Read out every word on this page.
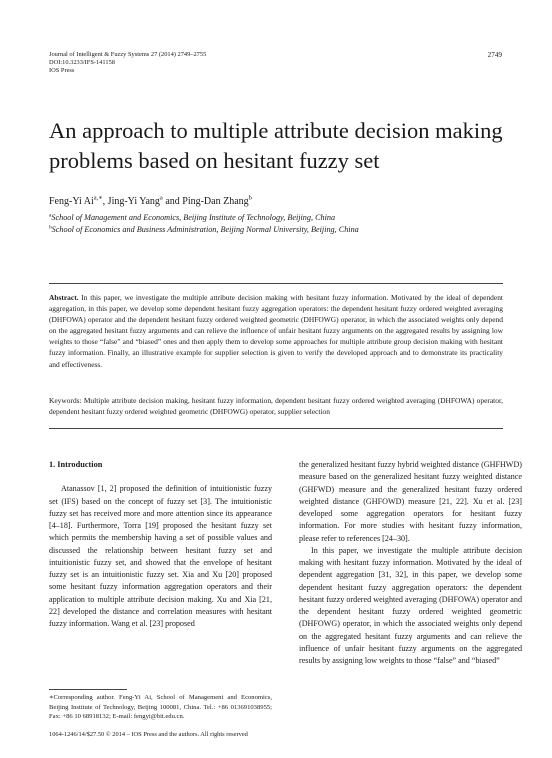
Journal of Intelligent & Fuzzy Systems 27 (2014) 2749–2755
DOI:10.3233/IFS-141158
IOS Press
2749
An approach to multiple attribute decision making problems based on hesitant fuzzy set
Feng-Yi $Ai^{a,∗}$, Jing-Yi Yang$^a$ and Ping-Dan Zhang$^b$
$^a$School of Management and Economics, Beijing Institute of Technology, Beijing, China
$^b$School of Economics and Business Administration, Beijing Normal University, Beijing, China

Abstract. In this paper, we investigate the multiple attribute decision making with hesitant fuzzy information. Motivated by the ideal of dependent aggregation, in this paper, we develop some dependent hesitant fuzzy aggregation operators: the dependent hesitant fuzzy ordered weighted averaging (DHFOWA) operator and the dependent hesitant fuzzy ordered weighted geometric (DHFOWG) operator, in which the associated weights only depend on the aggregated hesitant fuzzy arguments and can relieve the influence of unfair hesitant fuzzy arguments on the aggregated results by assigning low weights to those “false” and “biased” ones and then apply them to develop some approaches for multiple attribute group decision making with hesitant fuzzy information. Finally, an illustrative example for supplier selection is given to verify the developed approach and to demonstrate its practicality and effectiveness.

Keywords: Multiple attribute decision making, hesitant fuzzy information, dependent hesitant fuzzy ordered weighted averaging (DHFOWA) operator, dependent hesitant fuzzy ordered weighted geometric (DHFOWG) operator, supplier selection

1. Introduction

Atanassov [1, 2] proposed the definition of intuitionistic fuzzy set (IFS) based on the concept of fuzzy set [3]. The intuitionistic fuzzy set has received more and more attention since its appearance [4–18]. Furthermore, Torra [19] proposed the hesitant fuzzy set which permits the membership having a set of possible values and discussed the relationship between hesitant fuzzy set and intuitionistic fuzzy set, and showed that the envelope of hesitant fuzzy set is an intuitionistic fuzzy set. Xia and Xu [20] proposed some hesitant fuzzy information aggregation operators and their application to multiple attribute decision making. Xu and Xia [21, 22] developed the distance and correlation measures with hesitant fuzzy information. Wang et al. [23] proposed

the generalized hesitant fuzzy hybrid weighted distance (GHFHWD) measure based on the generalized hesitant fuzzy weighted distance (GHFWD) measure and the generalized hesitant fuzzy ordered weighted distance (GHFOWD) measure [21, 22]. Xu et al. [23] developed some aggregation operators for hesitant fuzzy information. For more studies with hesitant fuzzy information, please refer to references [24–30].

In this paper, we investigate the multiple attribute decision making with hesitant fuzzy information. Motivated by the ideal of dependent aggregation [31, 32], in this paper, we develop some dependent hesitant fuzzy aggregation operators: the dependent hesitant fuzzy ordered weighted averaging (DHFOWA) operator and the dependent hesitant fuzzy ordered weighted geometric (DHFOWG) operator, in which the associated weights only depend on the aggregated hesitant fuzzy arguments and can relieve the influence of unfair hesitant fuzzy arguments on the aggregated results by assigning low weights to those “false” and “biased”

∗Corresponding author. Feng-Yi Ai, School of Management and Economics, Beijing Institute of Technology, Beijing 100081, China. Tel.: +86 013691038955; Fax: +86 10 68918132; E-mail: fengyi@bit.edu.cn.

1064-1246/14/$27.50 © 2014 – IOS Press and the authors. All rights reserved
